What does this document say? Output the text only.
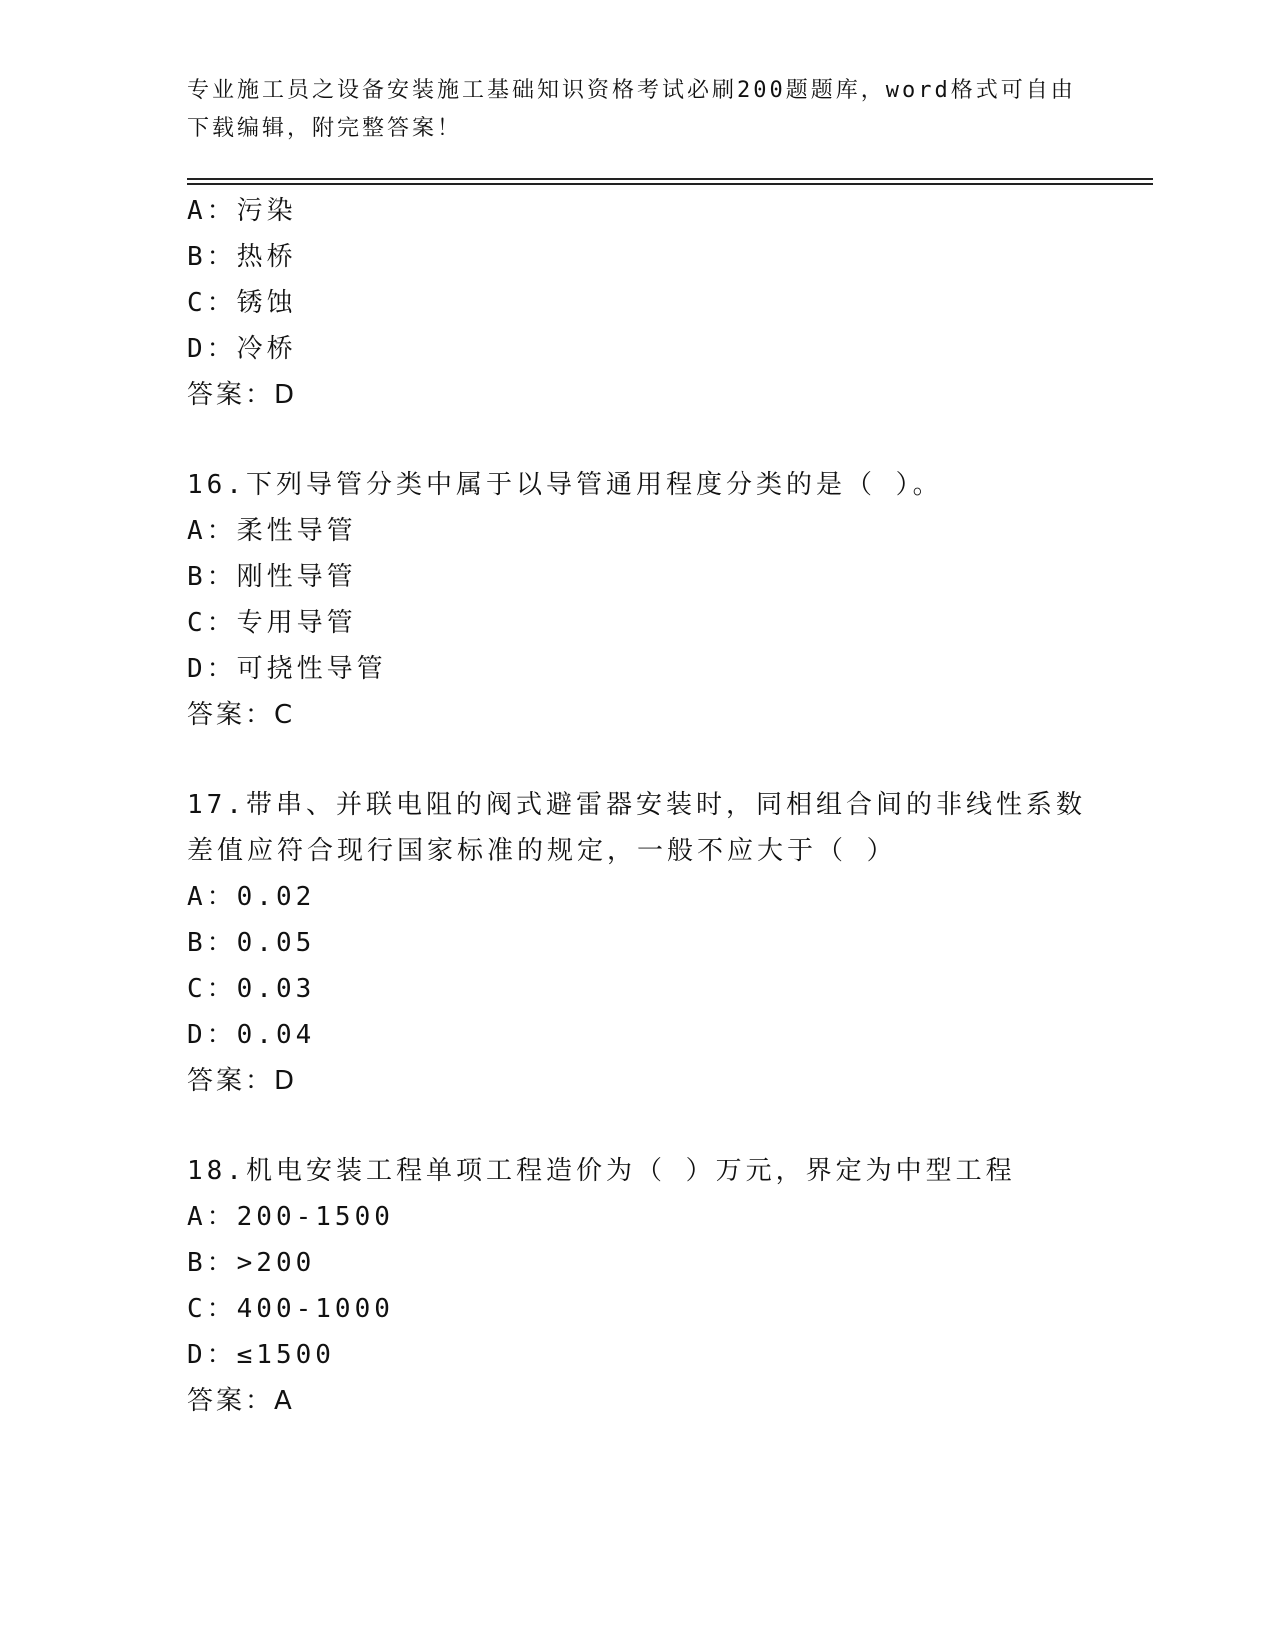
专业施工员之设备安装施工基础知识资格考试必刷200题题库，word格式可自由下载编辑，附完整答案！
A：污染
B：热桥
C：锈蚀
D：冷桥
答案：D
16.下列导管分类中属于以导管通用程度分类的是（ ）。
A：柔性导管
B：刚性导管
C：专用导管
D：可挠性导管
答案：C
17.带串、并联电阻的阀式避雷器安装时，同相组合间的非线性系数差值应符合现行国家标准的规定，一般不应大于（ ）
A：0.02
B：0.05
C：0.03
D：0.04
答案：D
18.机电安装工程单项工程造价为（ ）万元，界定为中型工程
A：200-1500
B：>200
C：400-1000
D：≤1500
答案：A
